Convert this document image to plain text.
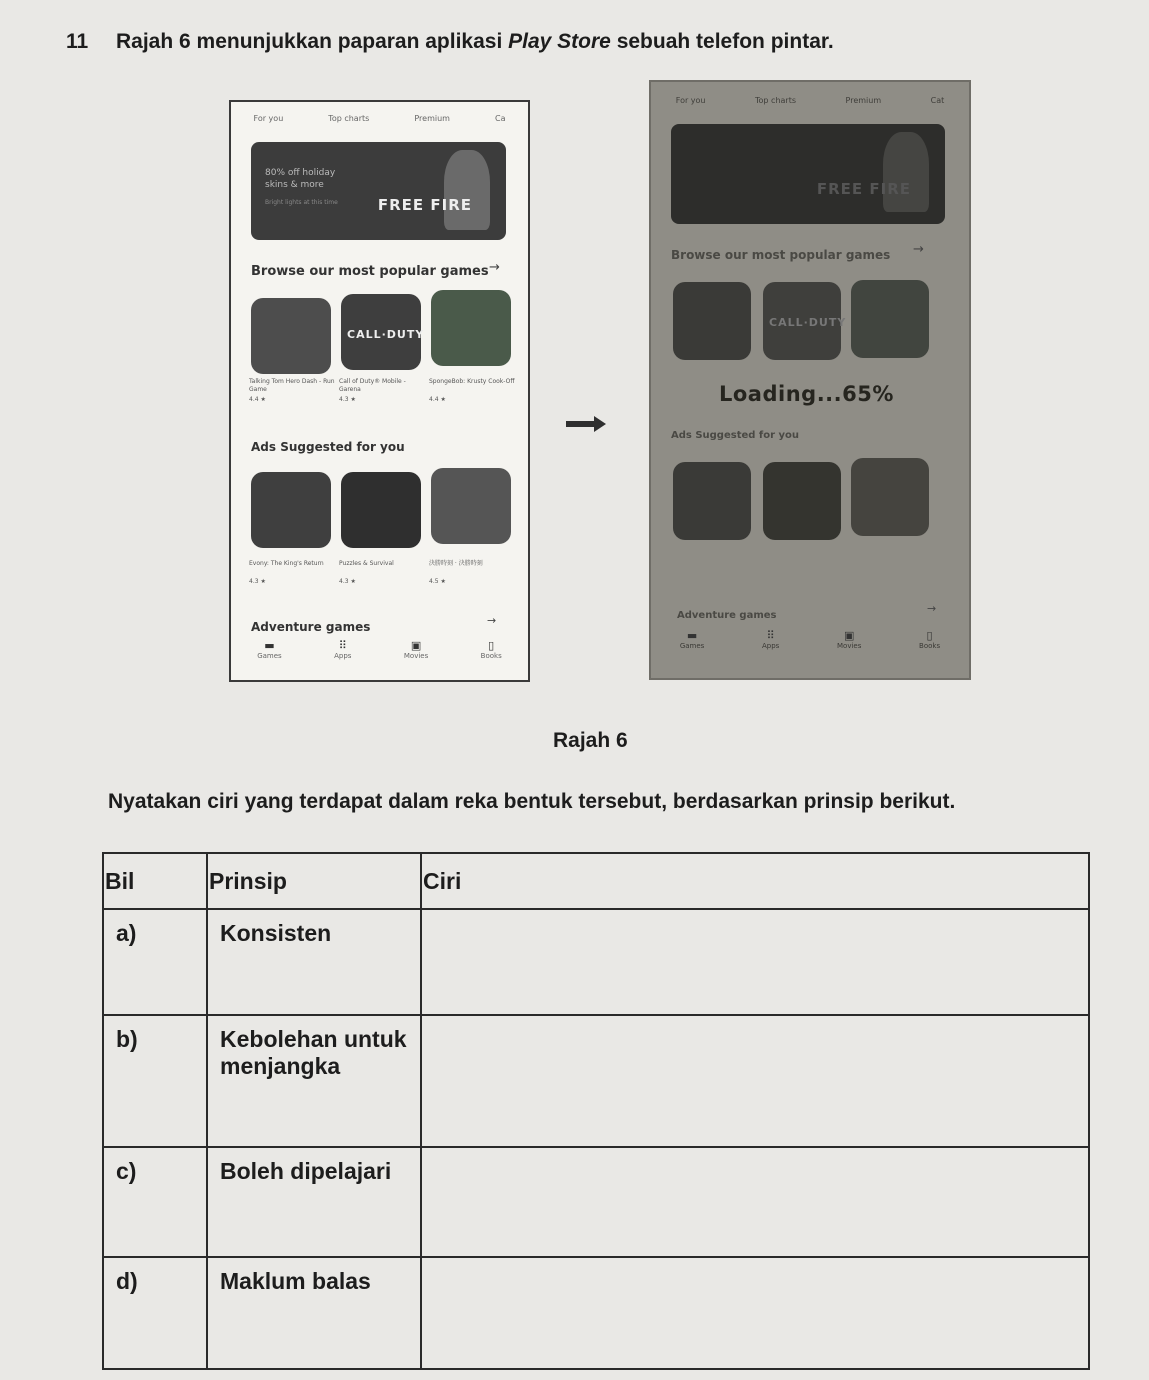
11 Rajah 6 menunjukkan paparan aplikasi Play Store sebuah telefon pintar.
For you	Top charts	Premium	Ca
80% off holiday
skins & more
Bright lights at this time	FREE FIRE
Browse our most popular games →
CALL·DUTY
Talking Tom Hero Dash - Run Game
4.4 ★
Call of Duty® Mobile - Garena
4.3 ★
SpongeBob: Krusty Cook-Off
4.4 ★
Ads Suggested for you
Evony: The King's Return
4.3 ★
Puzzles & Survival
4.3 ★
決勝時刻 · 決勝時刻
4.5 ★
Adventure games	→
▬
Games
⠿
Apps
▣
Movies
▯
Books
For you	Top charts	Premium	Cat
FREE FIRE
Browse our most popular games →
CALL·DUTY
Loading...65%
Ads Suggested for you
Adventure games
→
▬
Games
⠿
Apps
▣
Movies
▯
Books
Rajah 6
Nyatakan ciri yang terdapat dalam reka bentuk tersebut, berdasarkan prinsip berikut.
Bil	Prinsip	Ciri
a)	Konsisten	
b)	Kebolehan untuk menjangka	
c)	Boleh dipelajari	
d)	Maklum balas	
